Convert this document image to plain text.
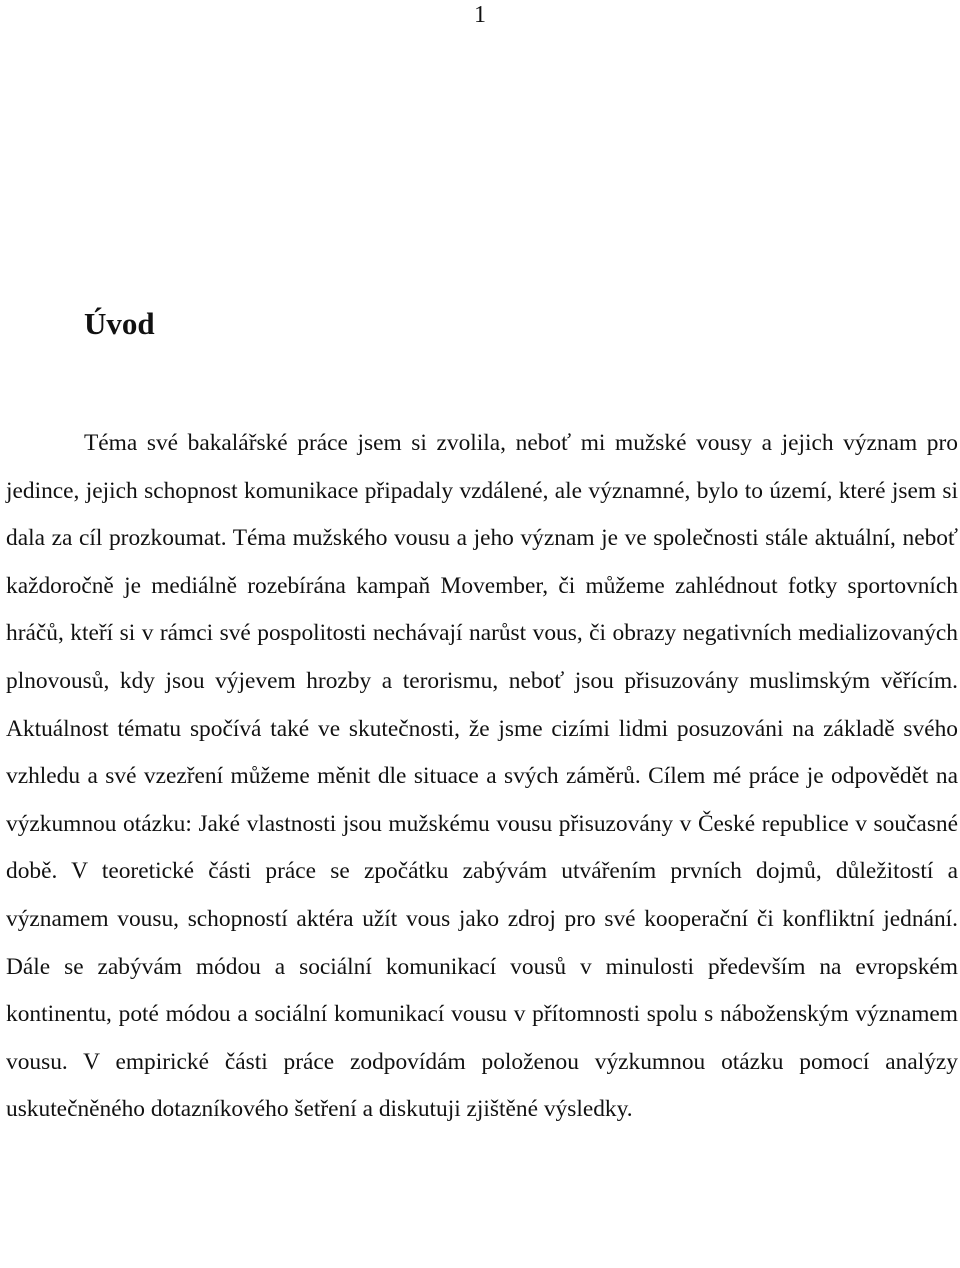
1
Úvod

Téma své bakalářské práce jsem si zvolila, neboť mi mužské vousy a jejich význam pro jedince, jejich schopnost komunikace připadaly vzdálené, ale významné, bylo to území, které jsem si dala za cíl prozkoumat. Téma mužského vousu a jeho význam je ve společnosti stále aktuální, neboť každoročně je mediálně rozebírána kampaň Movember, či můžeme zahlédnout fotky sportovních hráčů, kteří si v rámci své pospolitosti nechávají narůst vous, či obrazy negativních medializovaných plnovousů, kdy jsou výjevem hrozby a terorismu, neboť jsou přisuzovány muslimským věřícím. Aktuálnost tématu spočívá také ve skutečnosti, že jsme cizími lidmi posuzováni na základě svého vzhledu a své vzezření můžeme měnit dle situace a svých záměrů. Cílem mé práce je odpovědět na výzkumnou otázku: Jaké vlastnosti jsou mužskému vousu přisuzovány v České republice v současné době. V teoretické části práce se zpočátku zabývám utvářením prvních dojmů, důležitostí a významem vousu, schopností aktéra užít vous jako zdroj pro své kooperační či konfliktní jednání. Dále se zabývám módou a sociální komunikací vousů v minulosti především na evropském kontinentu, poté módou a sociální komunikací vousu v přítomnosti spolu s náboženským významem vousu. V empirické části práce zodpovídám položenou výzkumnou otázku pomocí analýzy uskutečněného dotazníkového šetření a diskutuji zjištěné výsledky.
